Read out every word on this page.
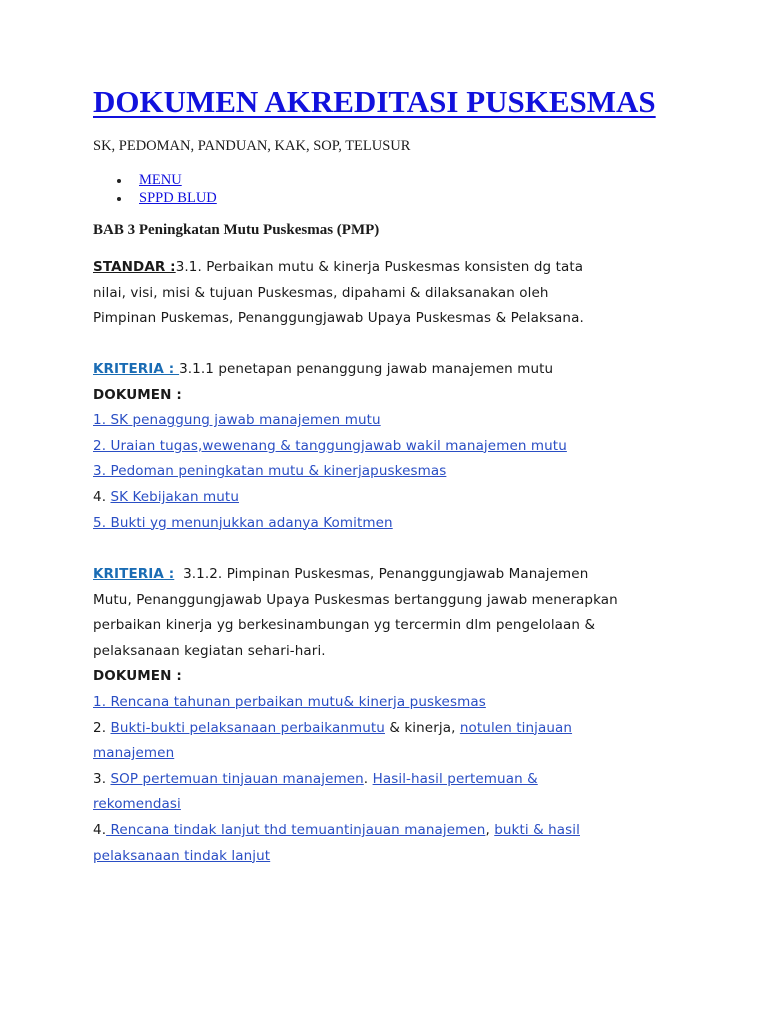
DOKUMEN AKREDITASI PUSKESMAS
SK, PEDOMAN, PANDUAN, KAK, SOP, TELUSUR
MENU
SPPD BLUD
BAB 3 Peningkatan Mutu Puskesmas (PMP)
STANDAR :3.1. Perbaikan mutu & kinerja Puskesmas konsisten dg tata
nilai, visi, misi & tujuan Puskesmas, dipahami & dilaksanakan oleh
Pimpinan Puskemas, Penanggungjawab Upaya Puskesmas & Pelaksana.
KRITERIA : 3.1.1 penetapan penanggung jawab manajemen mutu
DOKUMEN :
1. SK penaggung jawab manajemen mutu
2. Uraian tugas,wewenang & tanggungjawab wakil manajemen mutu
3. Pedoman peningkatan mutu & kinerjapuskesmas
4. SK Kebijakan mutu
5. Bukti yg menunjukkan adanya Komitmen
KRITERIA : 3.1.2. Pimpinan Puskesmas, Penanggungjawab Manajemen
Mutu, Penanggungjawab Upaya Puskesmas bertanggung jawab menerapkan
perbaikan kinerja yg berkesinambungan yg tercermin dlm pengelolaan &
pelaksanaan kegiatan sehari-hari.
DOKUMEN :
1. Rencana tahunan perbaikan mutu& kinerja puskesmas
2. Bukti-bukti pelaksanaan perbaikanmutu & kinerja, notulen tinjauan
manajemen
3. SOP pertemuan tinjauan manajemen. Hasil-hasil pertemuan &
rekomendasi
4. Rencana tindak lanjut thd temuantinjauan manajemen, bukti & hasil
pelaksanaan tindak lanjut
